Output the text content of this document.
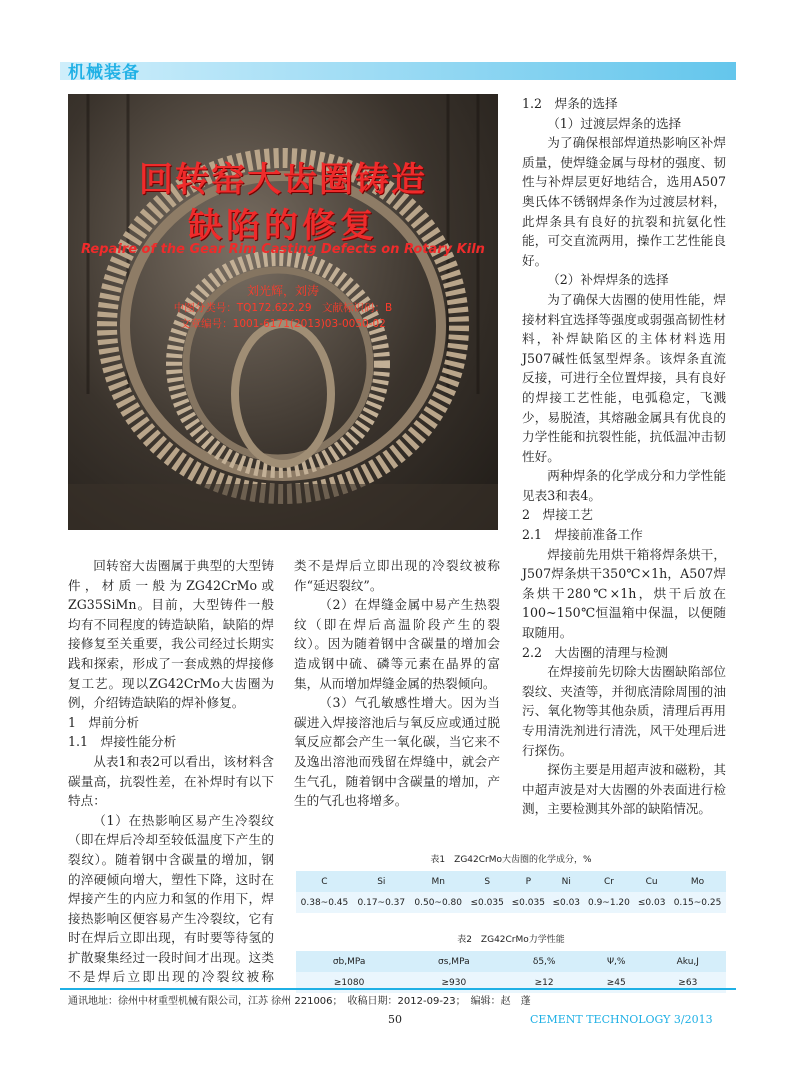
机械装备
回转窑大齿圈铸造
缺陷的修复
Repaire of the Gear Rim Casting Defects on Rotary Kiln
刘光辉，刘涛
中图分类号：TQ172.622.29　文献标识码：B
文章编号：1001-6171(2013)03-0050-02

回转窑大齿圈属于典型的大型铸件，材质一般为ZG42CrMo或ZG35SiMn。目前，大型铸件一般均有不同程度的铸造缺陷，缺陷的焊接修复至关重要，我公司经过长期实践和探索，形成了一套成熟的焊接修复工艺。现以ZG42CrMo大齿圈为例，介绍铸造缺陷的焊补修复。

1　焊前分析

1.1　焊接性能分析

从表1和表2可以看出，该材料含碳量高，抗裂性差，在补焊时有以下特点：

（1）在热影响区易产生冷裂纹（即在焊后冷却至较低温度下产生的裂纹）。随着钢中含碳量的增加，钢的淬硬倾向增大，塑性下降，这时在焊接产生的内应力和氢的作用下，焊接热影响区便容易产生冷裂纹，它有时在焊后立即出现，有时要等待氢的扩散聚集经过一段时间才出现。这类不是焊后立即出现的冷裂纹被称

类不是焊后立即出现的冷裂纹被称作“延迟裂纹”。

（2）在焊缝金属中易产生热裂纹（即在焊后高温阶段产生的裂纹）。因为随着钢中含碳量的增加会造成钢中硫、磷等元素在晶界的富集，从而增加焊缝金属的热裂倾向。

（3）气孔敏感性增大。因为当碳进入焊接溶池后与氧反应或通过脱氧反应都会产生一氧化碳，当它来不及逸出溶池而残留在焊缝中，就会产生气孔，随着钢中含碳量的增加，产生的气孔也将增多。

1.2　焊条的选择

（1）过渡层焊条的选择

为了确保根部焊道热影响区补焊质量，使焊缝金属与母材的强度、韧性与补焊层更好地结合，选用A507奥氏体不锈钢焊条作为过渡层材料，此焊条具有良好的抗裂和抗氨化性能，可交直流两用，操作工艺性能良好。

（2）补焊焊条的选择

为了确保大齿圈的使用性能，焊接材料宜选择等强度或弱强高韧性材料，补焊缺陷区的主体材料选用J507碱性低氢型焊条。该焊条直流反接，可进行全位置焊接，具有良好的焊接工艺性能，电弧稳定，飞溅少，易脱渣，其熔融金属具有优良的力学性能和抗裂性能，抗低温冲击韧性好。

两种焊条的化学成分和力学性能见表3和表4。

2　焊接工艺

2.1　焊接前准备工作

焊接前先用烘干箱将焊条烘干，J507焊条烘干350℃×1h，A507焊条烘干280℃×1h，烘干后放在100~150℃恒温箱中保温，以便随取随用。

2.2　大齿圈的清理与检测

在焊接前先切除大齿圈缺陷部位裂纹、夹渣等，并彻底清除周围的油污、氧化物等其他杂质，清理后再用专用清洗剂进行清洗，风干处理后进行探伤。

探伤主要是用超声波和磁粉，其中超声波是对大齿圈的外表面进行检测，主要检测其外部的缺陷情况。

表1　ZG42CrMo大齿圈的化学成分，%
C	Si	Mn	S	P	Ni	Cr	Cu	Mo
0.38~0.45	0.17~0.37	0.50~0.80	≤0.035	≤0.035	≤0.03	0.9~1.20	≤0.03	0.15~0.25
表2　ZG42CrMo力学性能
σb,MPa	σs,MPa	δ5,%	Ψ,%	Aku,J
≥1080	≥930	≥12	≥45	≥63
通讯地址：徐州中材重型机械有限公司，江苏 徐州 221006；　收稿日期：2012-09-23；　编辑：赵　蓬
50	CEMENT TECHNOLOGY 3/2013
